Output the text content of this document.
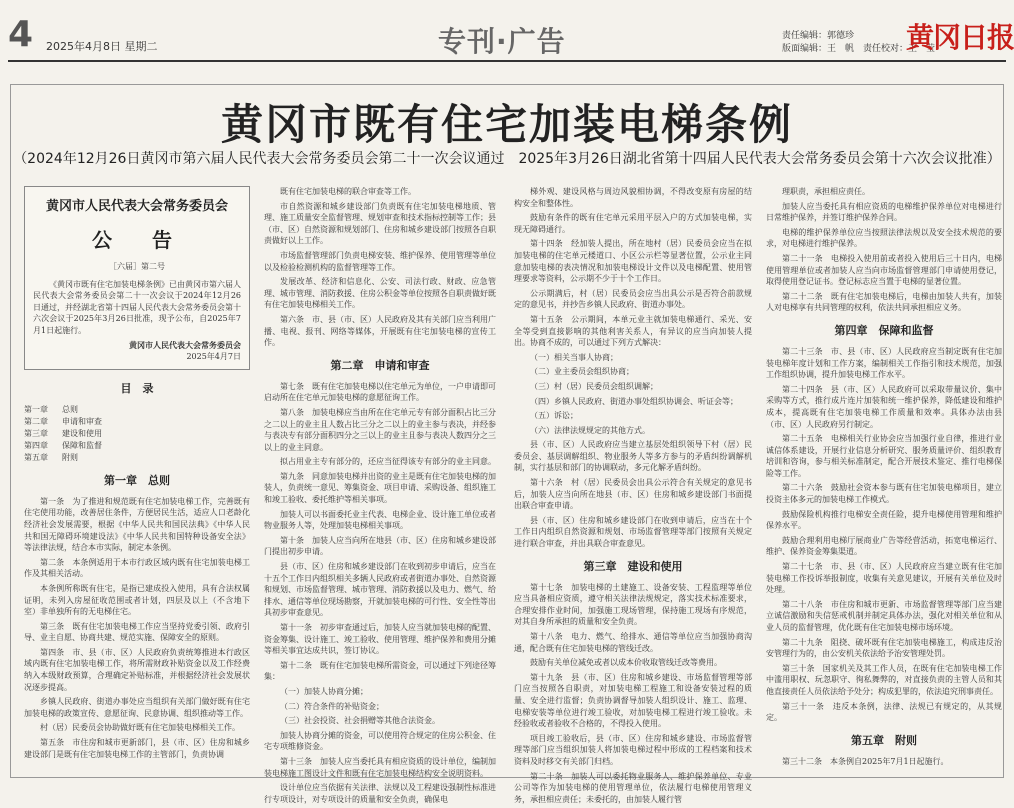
4 2025年4月8日 星期二	专刊·广告	责任编辑：郭德珍
版面编辑：王　帆　责任校对：王　莹
黄冈日报
黄冈市既有住宅加装电梯条例
（2024年12月26日黄冈市第六届人民代表大会常务委员会第二十一次会议通过　2025年3月26日湖北省第十四届人民代表大会常务委员会第十六次会议批准）
黄冈市人民代表大会常务委员会
公　告
［六届］第二号

《黄冈市既有住宅加装电梯条例》已由黄冈市第六届人民代表大会常务委员会第二十一次会议于2024年12月26日通过，并经湖北省第十四届人民代表大会常务委员会第十六次会议于2025年3月26日批准，现予公布，自2025年7月1日起施行。

黄冈市人民代表大会常务委员会
2025年4月7日
目　录
第一章 总则
第二章 申请和审查
第三章 建设和使用
第四章 保障和监督
第五章 附则
第一章　总则

第一条　为了推进和规范既有住宅加装电梯工作，完善既有住宅使用功能，改善居住条件，方便居民生活，适应人口老龄化经济社会发展需要，根据《中华人民共和国民法典》《中华人民共和国无障碍环境建设法》《中华人民共和国特种设备安全法》等法律法规，结合本市实际，制定本条例。

第二条　本条例适用于本市行政区域内既有住宅加装电梯工作及其相关活动。

本条例所称既有住宅，是指已建成投入使用，具有合法权属证明，未列入房屋征收范围或者计划，四层及以上（不含地下室）非单独所有的无电梯住宅。

第三条　既有住宅加装电梯工作应当坚持党委引领、政府引导、业主自愿、协商共建、规范实施、保障安全的原则。

第四条　市、县（市、区）人民政府负责统筹推进本行政区域内既有住宅加装电梯工作，将所需财政补贴资金以及工作经费纳入本级财政预算，合理确定补贴标准，并根据经济社会发展状况逐步提高。

乡镇人民政府、街道办事处应当组织有关部门做好既有住宅加装电梯的政策宣传、意愿征询、民意协调、组织推动等工作。

村（居）民委员会协助做好既有住宅加装电梯相关工作。

第五条　市住房和城市更新部门，县（市、区）住房和城乡建设部门是既有住宅加装电梯工作的主管部门，负责协调

既有住宅加装电梯的联合审查等工作。

市自然资源和城乡建设部门负责既有住宅加装电梯地质、管理、施工质量安全监督管理、规划审查和技术指标控制等工作；县（市、区）自然资源和规划部门、住房和城乡建设部门按照各自职责做好以上工作。

市场监督管理部门负责电梯安装、维护保养、使用管理等单位以及检验检测机构的监督管理等工作。

发展改革、经济和信息化、公安、司法行政、财政、应急管理、城市管理、消防救援、住房公积金等单位按照各自职责做好既有住宅加装电梯相关工作。

第六条　市、县（市、区）人民政府及其有关部门应当利用广播、电视、报刊、网络等媒体，开展既有住宅加装电梯的宣传工作。

第二章　申请和审查

第七条　既有住宅加装电梯以住宅单元为单位，一户申请即可启动所在住宅单元加装电梯的意愿征询工作。

第八条　加装电梯应当由所在住宅单元专有部分面积占比三分之二以上的业主且人数占比三分之二以上的业主参与表决，并经参与表决专有部分面积四分之三以上的业主且参与表决人数四分之三以上的业主同意。

拟占用业主专有部分的，还应当征得该专有部分的业主同意。

第九条　同意加装电梯并出资的业主是既有住宅加装电梯的加装人，负责统一意见、筹集资金、项目申请、采购设备、组织施工和竣工验收、委托维护等相关事项。

加装人可以书面委托业主代表、电梯企业、设计施工单位或者物业服务人等，处理加装电梯相关事项。

第十条　加装人应当向所在地县（市、区）住房和城乡建设部门提出初步申请。

县（市、区）住房和城乡建设部门在收到初步申请后，应当在十五个工作日内组织相关多辆人民政府或者街道办事处、自然资源和规划、市场监督管理、城市管理、消防救援以及电力、燃气、给排水、通信等单位现场勘察，开就加装电梯的可行性、安全性等出具初步审查意见。

第十一条　初步审查通过后，加装人应当就加装电梯的配置、资金筹集、设计施工、竣工验收、使用管理、维护保养和费用分摊等相关事宜达成共识，签订协议。

第十二条　既有住宅加装电梯所需资金，可以通过下列途径筹集：

（一）加装人协商分摊；

（二）符合条件的补贴资金；

（三）社会投资、社会捐赠等其他合法资金。

加装人协商分摊的资金，可以使用符合规定的住房公积金、住宅专项维修资金。

第十三条　加装人应当委托具有相应资质的设计单位，编制加装电梯施工图设计文件和既有住宅加装电梯结构安全说明资料。

设计单位应当依据有关法律、法规以及工程建设强制性标准进行专项设计，对专项设计的质量和安全负责，确保电

梯外观、建设风格与周边风貌相协调，不得改变原有房屋的结构安全和整体性。

鼓励有条件的既有住宅单元采用平层入户的方式加装电梯，实现无障碍通行。

第十四条　经加装人提出，所在地村（居）民委员会应当在拟加装电梯的住宅单元楼道口、小区公示栏等显著位置，公示业主同意加装电梯的表决情况和加装电梯设计文件以及电梯配置、使用管理要求等资料，公示期不少于十个工作日。

公示期满后，村（居）民委员会应当出具公示是否符合前款规定的意见书，并抄告乡镇人民政府、街道办事处。

第十五条　公示期间，本单元业主就加装电梯通行、采光、安全等受到直接影响的其他利害关系人，有异议的应当向加装人提出。协商不成的，可以通过下列方式解决：

（一）相关当事人协商；

（二）业主委员会组织协商；

（三）村（居）民委员会组织调解；

（四）乡镇人民政府、街道办事处组织协调会、听证会等；

（五）诉讼；

（六）法律法规规定的其他方式。

县（市、区）人民政府应当建立基层处组织领导下村（居）民委员会、基层调解组织、物业服务人等多方参与的矛盾纠纷调解机制，实行基层和部门的协调联动，多元化解矛盾纠纷。

第十六条　村（居）民委员会出具公示符合有关规定的意见书后，加装人应当向所在地县（市、区）住房和城乡建设部门书面提出联合审查申请。

县（市、区）住房和城乡建设部门在收到申请后，应当在十个工作日内组织自然资源和规划、市场监督管理等部门按照有关规定进行联合审查，并出具联合审查意见。

第三章　建设和使用

第十七条　加装电梯的土建施工、设备安装、工程监理等单位应当具备相应资质，遵守相关法律法规规定，落实技术标准要求，合理安排作业时间，加强施工现场管理，保持施工现场有序规范，对其自身所承担的质量和安全负责。

第十八条　电力、燃气、给排水、通信等单位应当加强协商沟通，配合既有住宅加装电梯的管线迁改。

鼓励有关单位减免或者以成本价收取管线迁改等费用。

第十九条　县（市、区）住房和城乡建设、市场监督管理等部门应当按照各自职责，对加装电梯工程施工和设备安装过程的质量、安全进行监督；负责协调督导加装人组织设计、施工、监理、电梯安装等单位进行竣工验收，对加装电梯工程进行竣工验收。未经验收或者验收不合格的，不得投入使用。

项目竣工验收后，县（市、区）住房和城乡建设、市场监督管理等部门应当组织加装人将加装电梯过程中形成的工程档案和技术资料及时移交有关部门归档。

第二十条　加装人可以委托物业服务人、维护保养单位、专业公司等作为加装电梯的使用管理单位，依法履行电梯使用管理义务，承担相应责任；未委托的，由加装人履行管

理职责，承担相应责任。

加装人应当委托具有相应资质的电梯维护保养单位对电梯进行日常维护保养，并签订维护保养合同。

电梯的维护保养单位应当按照法律法规以及安全技术规范的要求，对电梯进行维护保养。

第二十一条　电梯投入使用前或者投入使用后三十日内，电梯使用管理单位或者加装人应当向市场监督管理部门申请使用登记，取得使用登记证书。登记标志应当置于电梯的显著位置。

第二十二条　既有住宅加装电梯后，电梯由加装人共有，加装人对电梯享有共同管理的权利，依法共同承担相应义务。

第四章　保障和监督

第二十三条　市、县（市、区）人民政府应当制定既有住宅加装电梯年度计划和工作方案，编制相关工作指引和技术规范，加强工作组织协调，提升加装电梯工作水平。

第二十四条　县（市、区）人民政府可以采取带量议价、集中采购等方式，推行成片连片加装和统一维护保养，降低建设和维护成本，提高既有住宅加装电梯工作质量和效率。具体办法由县（市、区）人民政府另行制定。

第二十五条　电梯相关行业协会应当加强行业自律，推进行业诚信体系建设，开展行业信息分析研究、服务质量评价、组织教育培训和咨询，参与相关标准制定，配合开展技术鉴定、推行电梯保险等工作。

第二十六条　鼓励社会资本参与既有住宅加装电梯项目，建立投资主体多元的加装电梯工作模式。

鼓励保险机构推行电梯安全责任险，提升电梯使用管理和维护保养水平。

鼓励合理利用电梯厅展商业广告等经营活动，拓宽电梯运行、维护、保养资金筹集渠道。

第二十七条　市、县（市、区）人民政府应当建立既有住宅加装电梯工作投诉举报制度，收集有关意见建议，开展有关单位及时处理。

第二十八条　市住房和城市更新、市场监督管理等部门应当建立诚信激励和失信惩戒机制并制定具体办法，强化对相关单位和从业人员的监督管理，优化既有住宅加装电梯市场环境。

第二十九条　阻挠、破坏既有住宅加装电梯施工，构成违反治安管理行为的，由公安机关依法给予治安管理处罚。

第三十条　国家机关及其工作人员，在既有住宅加装电梯工作中滥用职权、玩忽职守、徇私舞弊的，对直接负责的主管人员和其他直接责任人员依法给予处分；构成犯罪的，依法追究刑事责任。

第三十一条　违反本条例，法律、法规已有规定的，从其规定。

第五章　附则

第三十二条　本条例自2025年7月1日起施行。
